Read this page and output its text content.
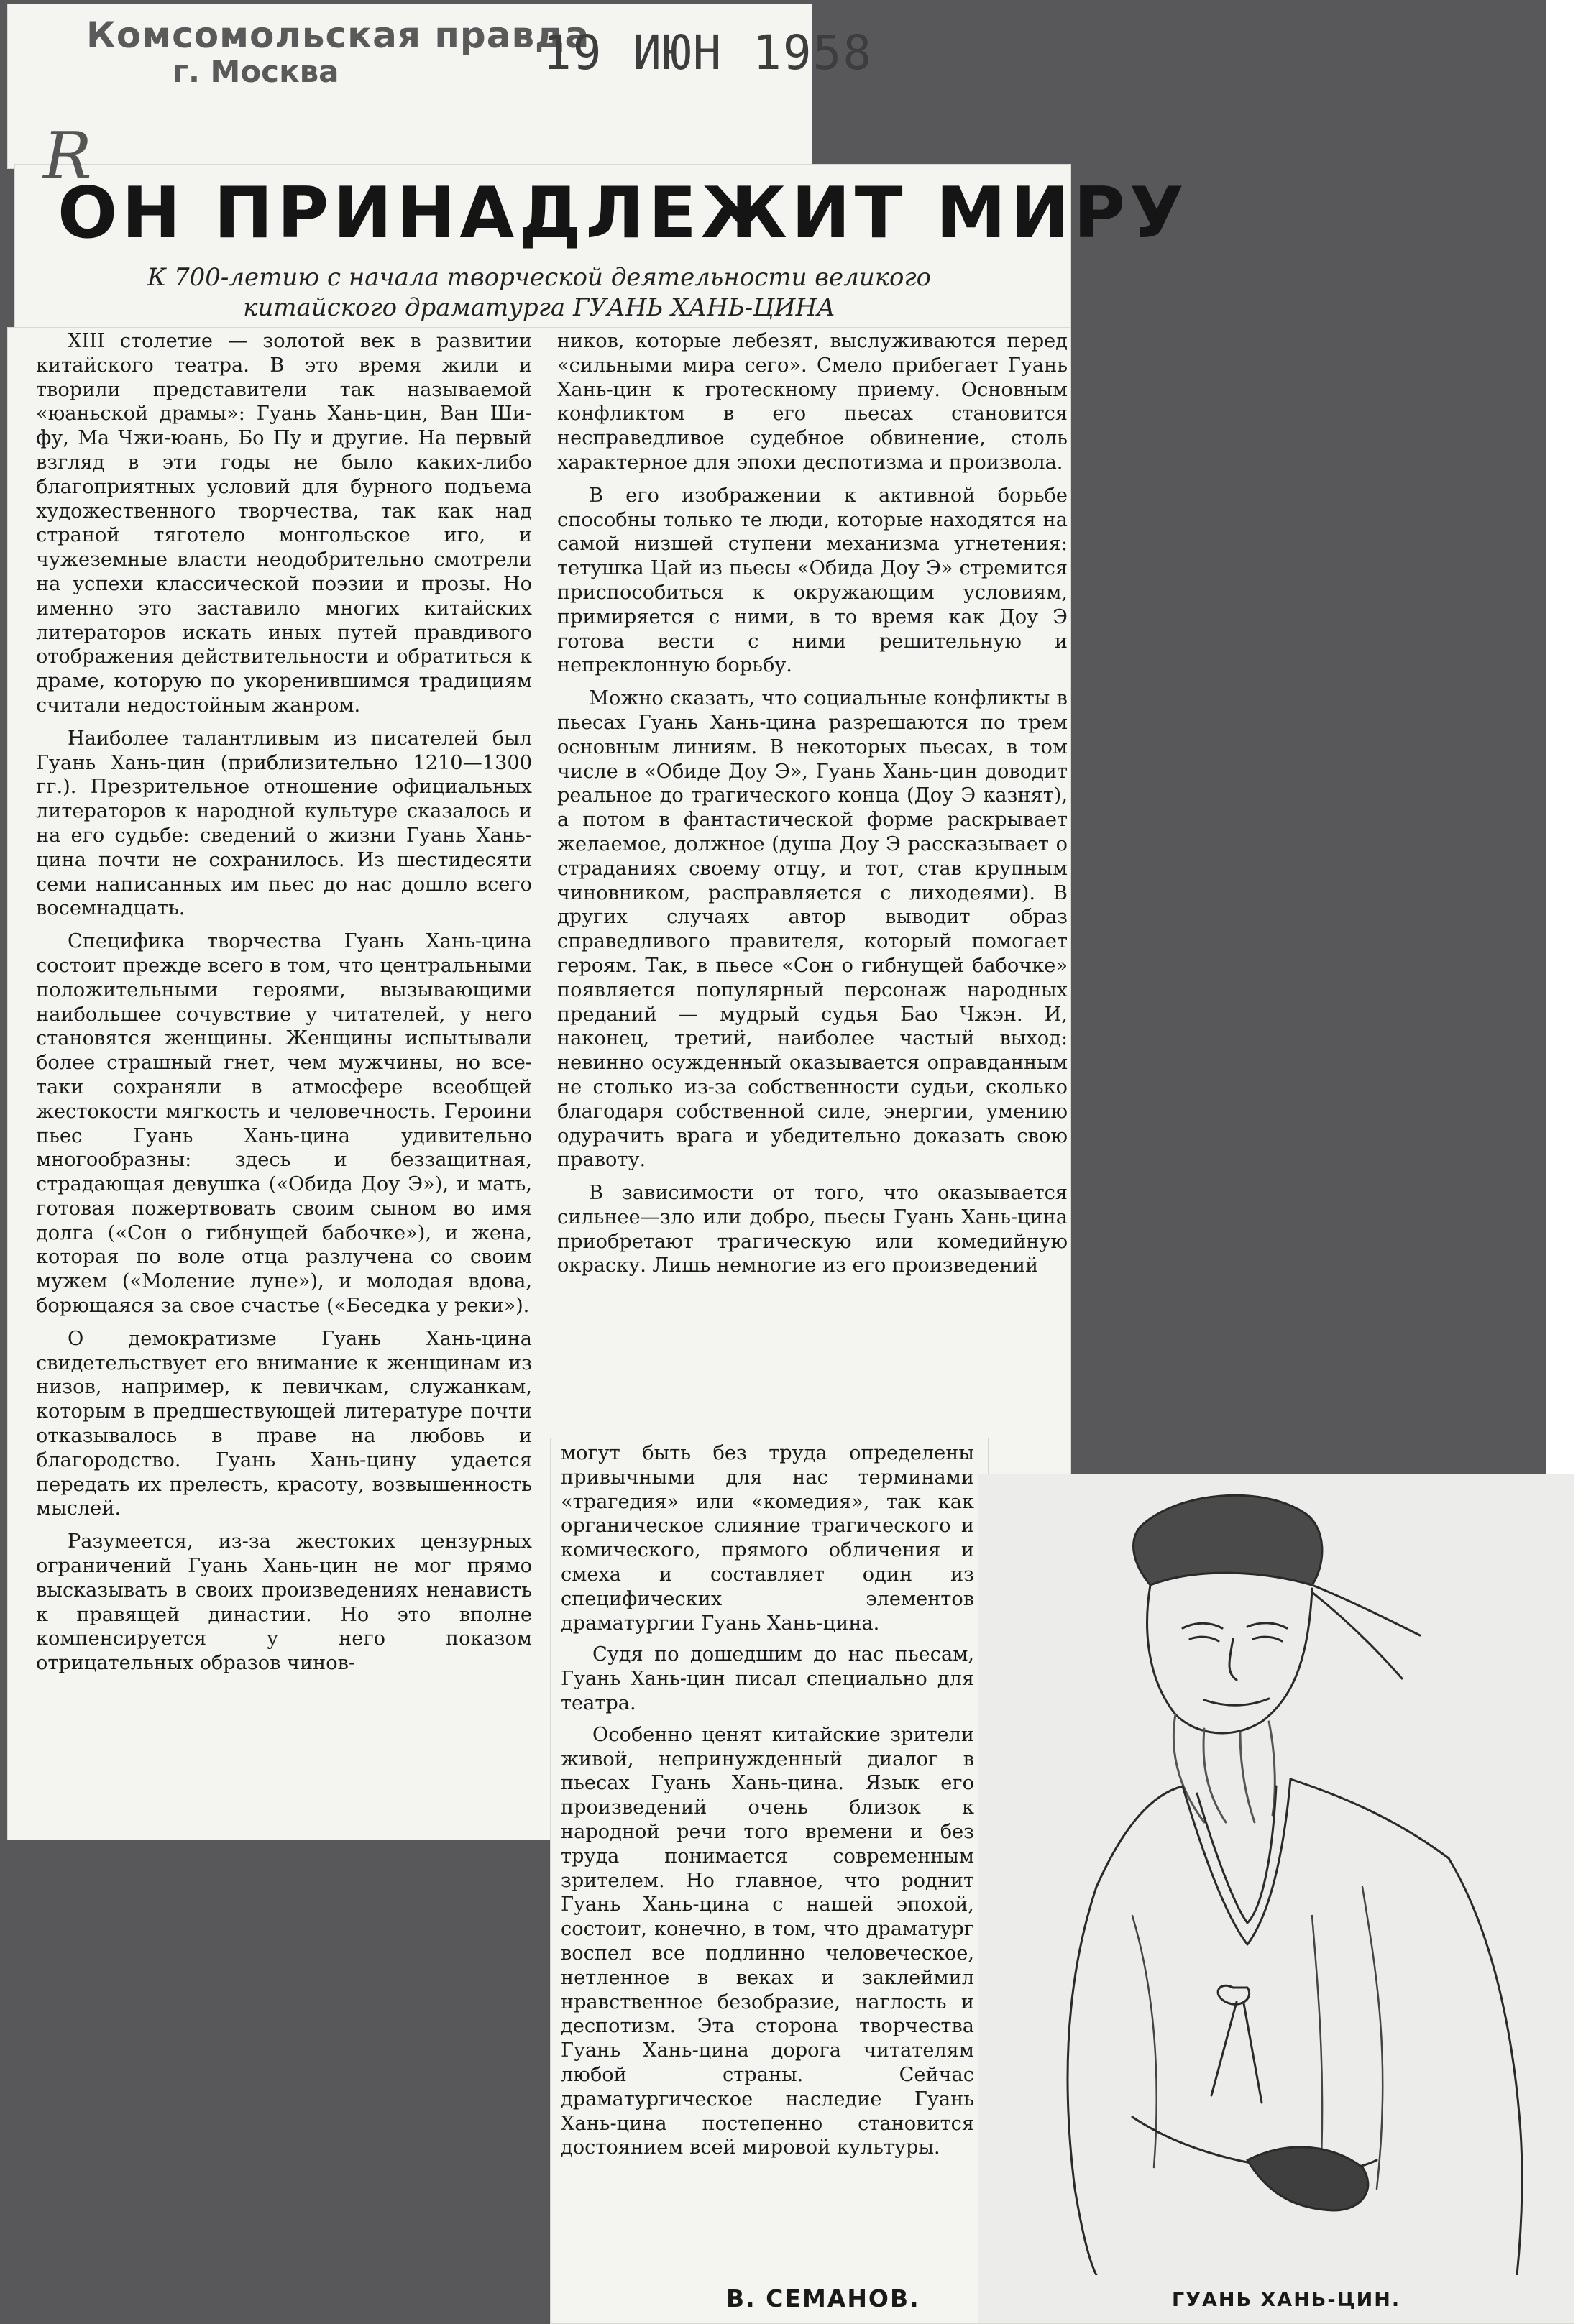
Комсомольская правда
г. Москва	19 ИЮН 1958
R
ОН ПРИНАДЛЕЖИТ МИРУ
К 700-летию с начала творческой деятельности великого
китайского драматурга ГУАНЬ ХАНЬ-ЦИНА

XIII столетие — золотой век в развитии китайского театра. В это время жили и творили представители так называемой «юаньской драмы»: Гуань Хань-цин, Ван Ши-фу, Ма Чжи-юань, Бо Пу и другие. На первый взгляд в эти годы не было каких-либо благоприятных условий для бурного подъема художественного творчества, так как над страной тяготело монгольское иго, и чужеземные власти неодобрительно смотрели на успехи классической поэзии и прозы. Но именно это заставило многих китайских литераторов искать иных путей правдивого отображения действительности и обратиться к драме, которую по укоренившимся традициям считали недостойным жанром.

Наиболее талантливым из писателей был Гуань Хань-цин (приблизительно 1210—1300 гг.). Презрительное отношение официальных литераторов к народной культуре сказалось и на его судьбе: сведений о жизни Гуань Хань-цина почти не сохранилось. Из шестидесяти семи написанных им пьес до нас дошло всего восемнадцать.

Специфика творчества Гуань Хань-цина состоит прежде всего в том, что центральными положительными героями, вызывающими наибольшее сочувствие у читателей, у него становятся женщины. Женщины испытывали более страшный гнет, чем мужчины, но все-таки сохраняли в атмосфере всеобщей жестокости мягкость и человечность. Героини пьес Гуань Хань-цина удивительно многообразны: здесь и беззащитная, страдающая девушка («Обида Доу Э»), и мать, готовая пожертвовать своим сыном во имя долга («Сон о гибнущей бабочке»), и жена, которая по воле отца разлучена со своим мужем («Моление луне»), и молодая вдова, борющаяся за свое счастье («Беседка у реки»).

О демократизме Гуань Хань-цина свидетельствует его внимание к женщинам из низов, например, к певичкам, служанкам, которым в предшествующей литературе почти отказывалось в праве на любовь и благородство. Гуань Хань-цину удается передать их прелесть, красоту, возвышенность мыслей.

Разумеется, из-за жестоких цензурных ограничений Гуань Хань-цин не мог прямо высказывать в своих произведениях ненависть к правящей династии. Но это вполне компенсируется у него показом отрицательных образов чинов-

ников, которые лебезят, выслуживаются перед «сильными мира сего». Смело прибегает Гуань Хань-цин к гротескному приему. Основным конфликтом в его пьесах становится несправедливое судебное обвинение, столь характерное для эпохи деспотизма и произвола.

В его изображении к активной борьбе способны только те люди, которые находятся на самой низшей ступени механизма угнетения: тетушка Цай из пьесы «Обида Доу Э» стремится приспособиться к окружающим условиям, примиряется с ними, в то время как Доу Э готова вести с ними решительную и непреклонную борьбу.

Можно сказать, что социальные конфликты в пьесах Гуань Хань-цина разрешаются по трем основным линиям. В некоторых пьесах, в том числе в «Обиде Доу Э», Гуань Хань-цин доводит реальное до трагического конца (Доу Э казнят), а потом в фантастической форме раскрывает желаемое, должное (душа Доу Э рассказывает о страданиях своему отцу, и тот, став крупным чиновником, расправляется с лиходеями). В других случаях автор выводит образ справедливого правителя, который помогает героям. Так, в пьесе «Сон о гибнущей бабочке» появляется популярный персонаж народных преданий — мудрый судья Бао Чжэн. И, наконец, третий, наиболее частый выход: невинно осужденный оказывается оправданным не столько из-за собственности судьи, сколько благодаря собственной силе, энергии, умению одурачить врага и убедительно доказать свою правоту.

В зависимости от того, что оказывается сильнее—зло или добро, пьесы Гуань Хань-цина приобретают трагическую или комедийную окраску. Лишь немногие из его произведений

могут быть без труда определены привычными для нас терминами «трагедия» или «комедия», так как органическое слияние трагического и комического, прямого обличения и смеха и составляет один из специфических элементов драматургии Гуань Хань-цина.

Судя по дошедшим до нас пьесам, Гуань Хань-цин писал специально для театра.

Особенно ценят китайские зрители живой, непринужденный диалог в пьесах Гуань Хань-цина. Язык его произведений очень близок к народной речи того времени и без труда понимается современным зрителем. Но главное, что роднит Гуань Хань-цина с нашей эпохой, состоит, конечно, в том, что драматург воспел все подлинно человеческое, нетленное в веках и заклеймил нравственное безобразие, наглость и деспотизм. Эта сторона творчества Гуань Хань-цина дорога читателям любой страны. Сейчас драматургическое наследие Гуань Хань-цина постепенно становится достоянием всей мировой культуры.

В. СЕМАНОВ.	ГУАНЬ ХАНЬ-ЦИН.
